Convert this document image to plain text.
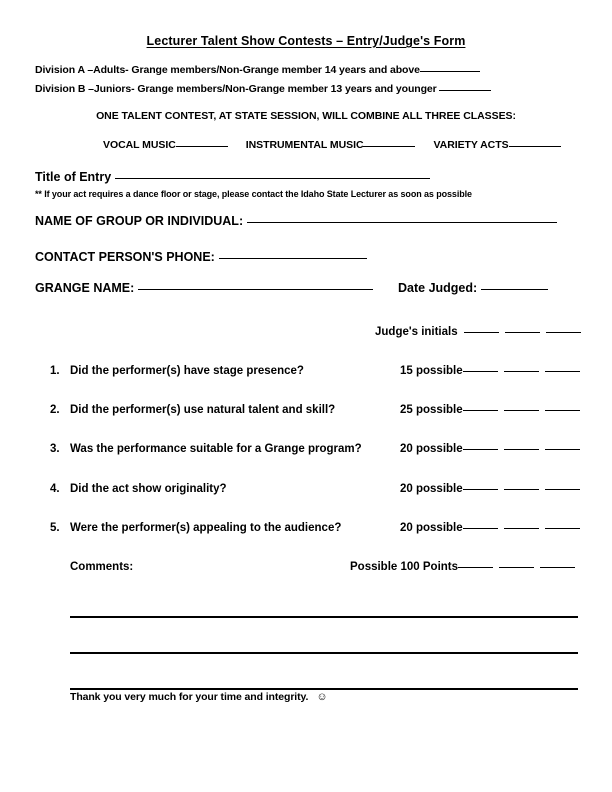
Lecturer Talent Show Contests – Entry/Judge's Form
Division A –Adults- Grange members/Non-Grange member 14 years and above
Division B –Juniors- Grange members/Non-Grange member 13 years and younger
ONE TALENT CONTEST, AT STATE SESSION, WILL COMBINE ALL THREE CLASSES:
VOCAL MUSIC	INSTRUMENTAL MUSIC	VARIETY ACTS
Title of Entry
** If your act requires a dance floor or stage, please contact the Idaho State Lecturer as soon as possible
NAME OF GROUP OR INDIVIDUAL:
CONTACT PERSON'S PHONE:
GRANGE NAME:	Date Judged:
Judge's initials
1. Did the performer(s) have stage presence?	15 possible
2. Did the performer(s) use natural talent and skill?	25 possible
3. Was the performance suitable for a Grange program?	20 possible
4. Did the act show originality?	20 possible
5. Were the performer(s) appealing to the audience?	20 possible
Comments:	Possible 100 Points
Thank you very much for your time and integrity. ☺
